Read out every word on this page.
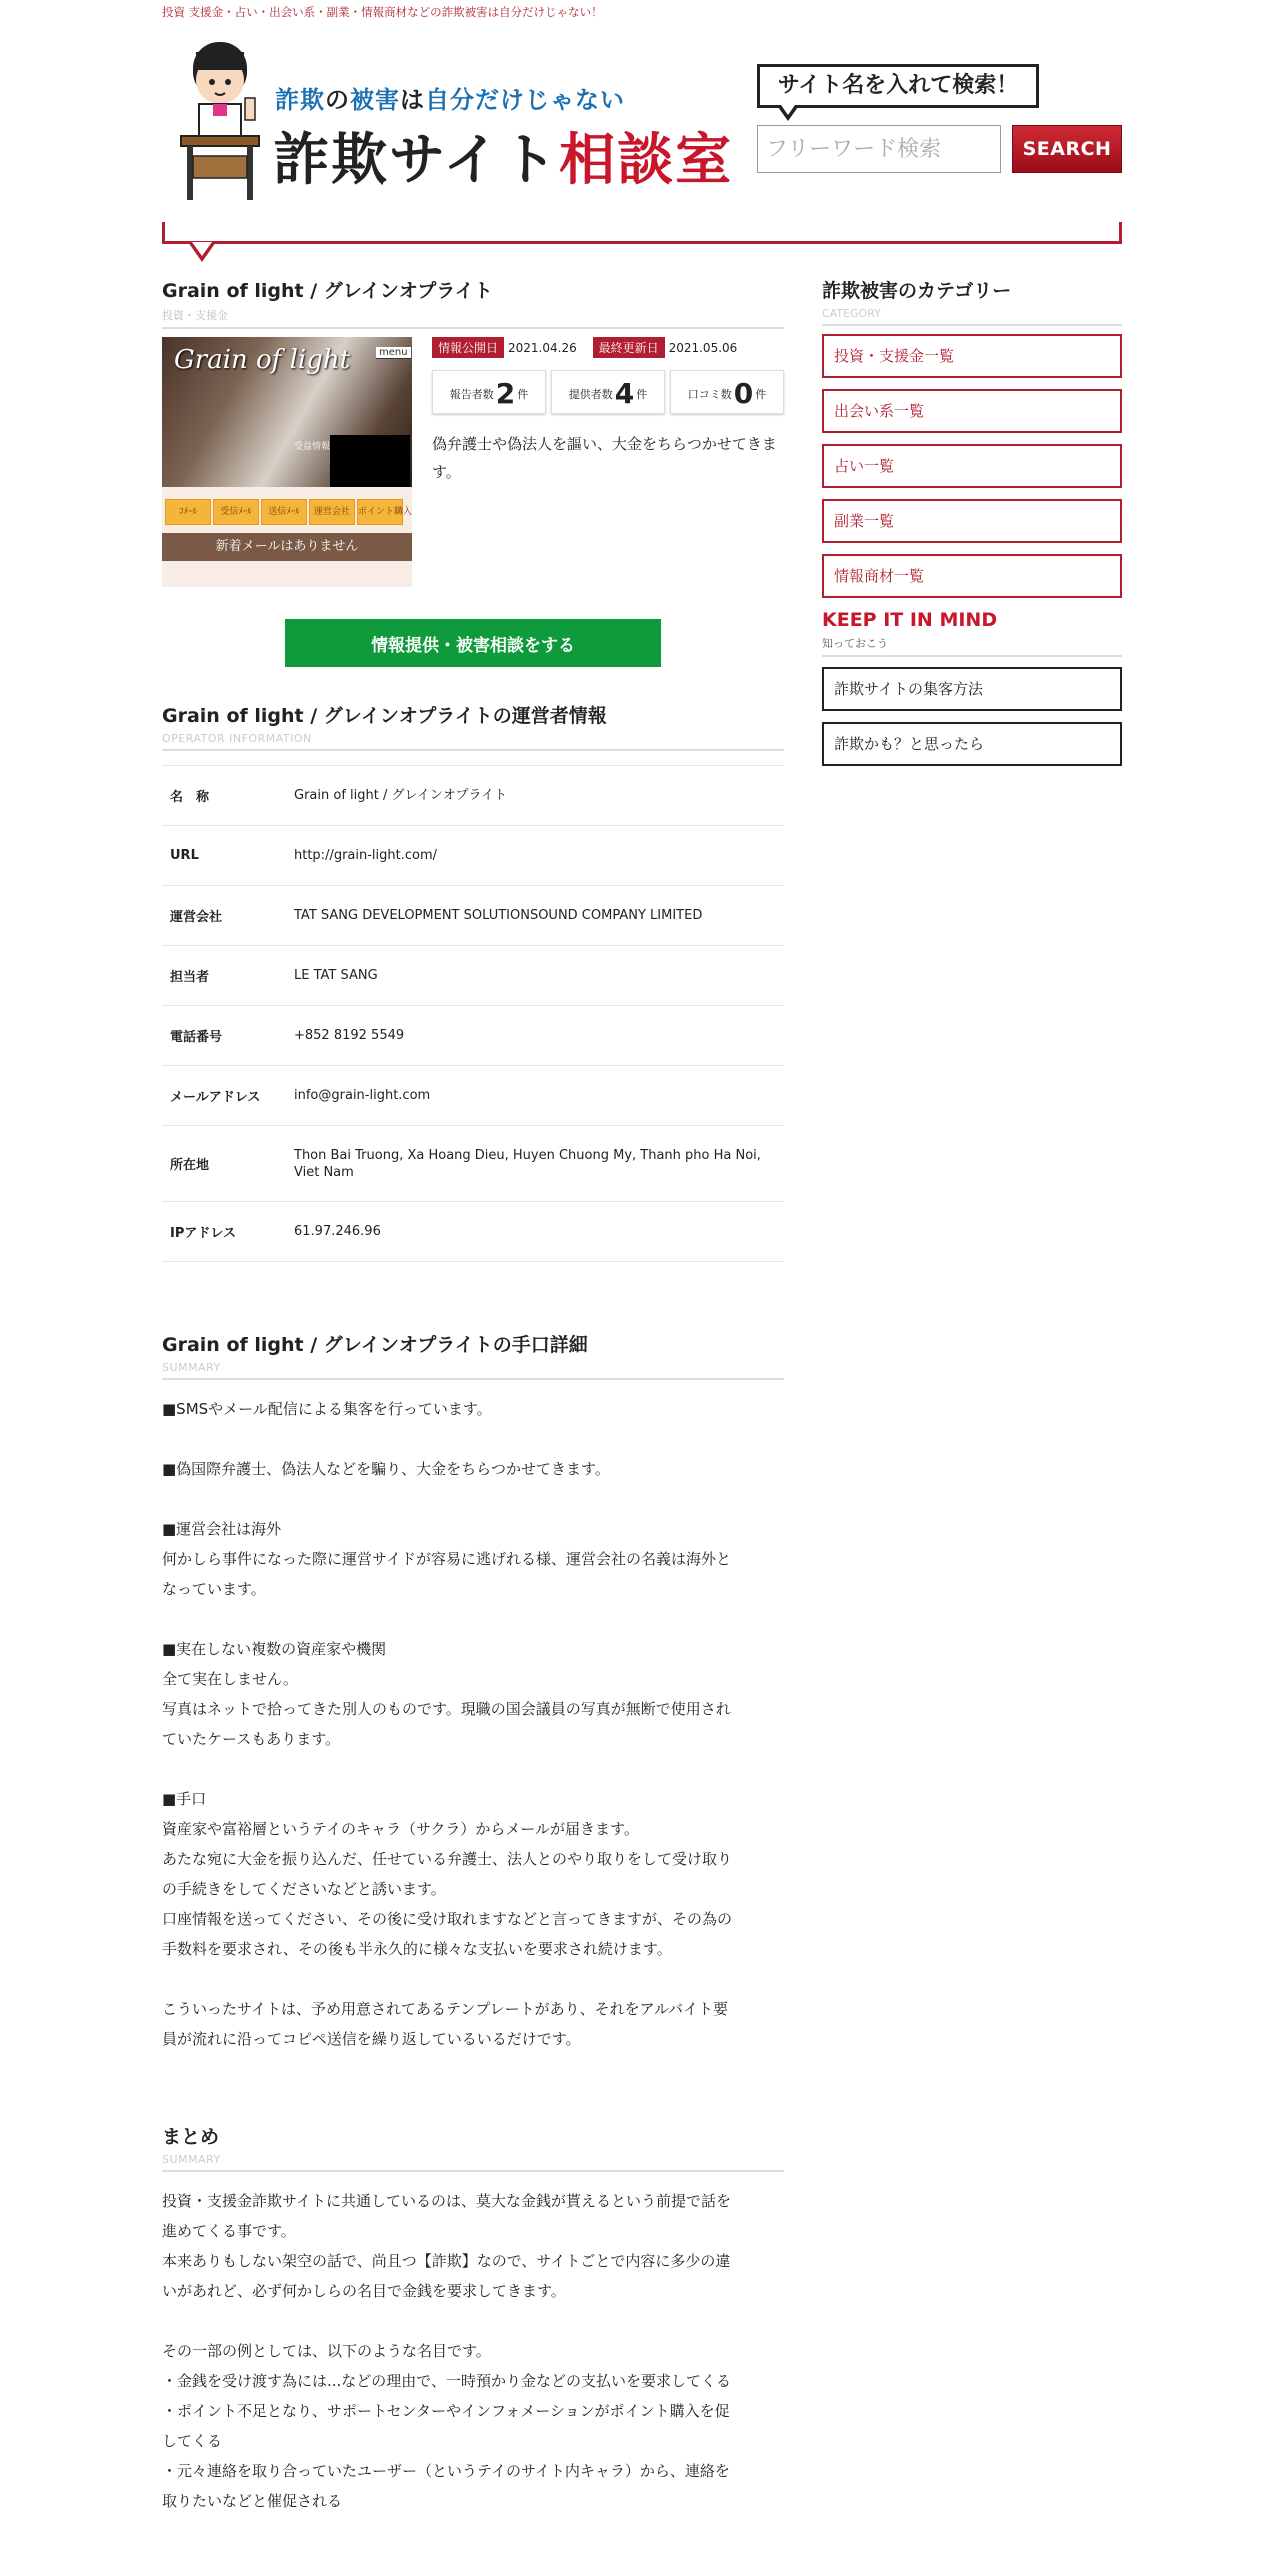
投資 支援金・占い・出会い系・副業・情報商材などの詐欺被害は自分だけじゃない！
詐欺の被害は自分だけじゃない
詐欺サイト相談室
サイト名を入れて検索！
フリーワード検索
SEARCH
Grain of light / グレインオプライト
投資・支援金
Grain of light	menu
受益情報
ｺﾒｰﾙ	受信ﾒｰﾙ 送信ﾒｰﾙ 運営会社 ポイント購入
新着メールはありません
情報公開日 2021.04.26 最終更新日 2021.05.06
報告者数2 件	提供者数4 件	口コミ数0 件

偽弁護士や偽法人を謳い、大金をちらつかせてきます。

情報提供・被害相談をする
Grain of light / グレインオプライトの運営者情報
OPERATOR INFORMATION
名　称	Grain of light / グレインオプライト
URL	http://grain-light.com/
運営会社	TAT SANG DEVELOPMENT SOLUTIONSOUND COMPANY LIMITED
担当者	LE TAT SANG
電話番号	+852 8192 5549
メールアドレス	info@grain-light.com
所在地	Thon Bai Truong, Xa Hoang Dieu, Huyen Chuong My, Thanh pho Ha Noi, Viet Nam
IPアドレス	61.97.246.96
Grain of light / グレインオプライトの手口詳細
SUMMARY

■SMSやメール配信による集客を行っています。

■偽国際弁護士、偽法人などを騙り、大金をちらつかせてきます。

■運営会社は海外

何かしら事件になった際に運営サイドが容易に逃げれる様、運営会社の名義は海外と

なっています。

■実在しない複数の資産家や機関

全て実在しません。

写真はネットで拾ってきた別人のものです。現職の国会議員の写真が無断で使用され

ていたケースもあります。

■手口

資産家や富裕層というテイのキャラ（サクラ）からメールが届きます。

あたな宛に大金を振り込んだ、任せている弁護士、法人とのやり取りをして受け取り

の手続きをしてくださいなどと誘います。

口座情報を送ってください、その後に受け取れますなどと言ってきますが、その為の

手数料を要求され、その後も半永久的に様々な支払いを要求され続けます。

こういったサイトは、予め用意されてあるテンプレートがあり、それをアルバイト要

員が流れに沿ってコピペ送信を繰り返しているいるだけです。

まとめ
SUMMARY

投資・支援金詐欺サイトに共通しているのは、莫大な金銭が貰えるという前提で話を

進めてくる事です。

本来ありもしない架空の話で、尚且つ【詐欺】なので、サイトごとで内容に多少の違

いがあれど、必ず何かしらの名目で金銭を要求してきます。

その一部の例としては、以下のような名目です。

・金銭を受け渡す為には...などの理由で、一時預かり金などの支払いを要求してくる

・ポイント不足となり、サポートセンターやインフォメーションがポイント購入を促

してくる

・元々連絡を取り合っていたユーザー（というテイのサイト内キャラ）から、連絡を

取りたいなどと催促される

詐欺被害のカテゴリー
CATEGORY
投資・支援金一覧
出会い系一覧
占い一覧
副業一覧
情報商材一覧
KEEP IT IN MIND
知っておこう
詐欺サイトの集客方法
詐欺かも？と思ったら
